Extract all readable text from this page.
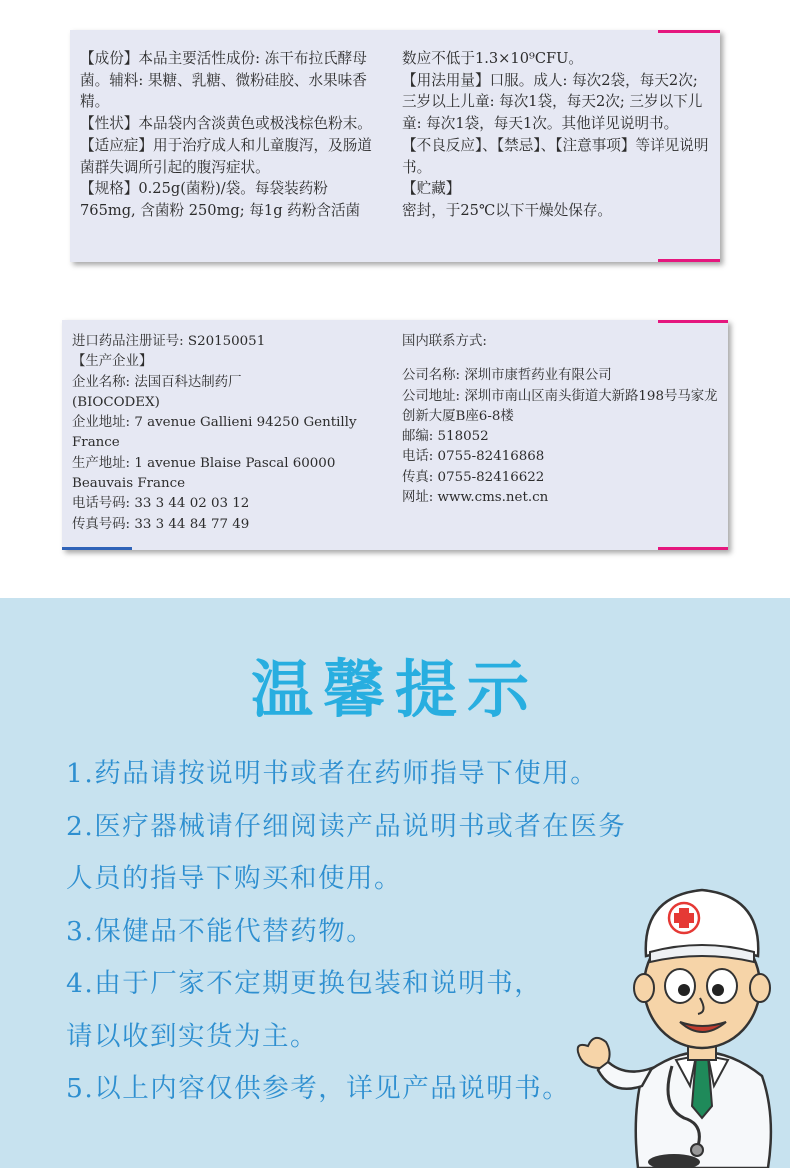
【成份】本品主要活性成份: 冻干布拉氏酵母菌。辅料: 果糖、乳糖、微粉硅胶、水果味香精。

【性状】本品袋内含淡黄色或极浅棕色粉末。

【适应症】用于治疗成人和儿童腹泻，及肠道菌群失调所引起的腹泻症状。

【规格】0.25g(菌粉)/袋。每袋装药粉765mg, 含菌粉 250mg; 每1g 药粉含活菌

数应不低于1.3×10⁹CFU。

【用法用量】口服。成人: 每次2袋，每天2次; 三岁以上儿童: 每次1袋，每天2次; 三岁以下儿童: 每次1袋，每天1次。其他详见说明书。

【不良反应】、【禁忌】、【注意事项】等详见说明书。

【贮藏】

密封，于25℃以下干燥处保存。

进口药品注册证号: S20150051

【生产企业】

企业名称: 法国百科达制药厂

(BIOCODEX)

企业地址: 7 avenue Gallieni 94250 Gentilly France

生产地址: 1 avenue Blaise Pascal 60000 Beauvais France

电话号码: 33 3 44 02 03 12

传真号码: 33 3 44 84 77 49

国内联系方式:

公司名称: 深圳市康哲药业有限公司

公司地址: 深圳市南山区南头街道大新路198号马家龙创新大厦B座6-8楼

邮编: 518052

电话: 0755-82416868

传真: 0755-82416622

网址: www.cms.net.cn

温馨提示

1.药品请按说明书或者在药师指导下使用。

2.医疗器械请仔细阅读产品说明书或者在医务

人员的指导下购买和使用。

3.保健品不能代替药物。

4.由于厂家不定期更换包装和说明书，

请以收到实货为主。

5.以上内容仅供参考，详见产品说明书。
